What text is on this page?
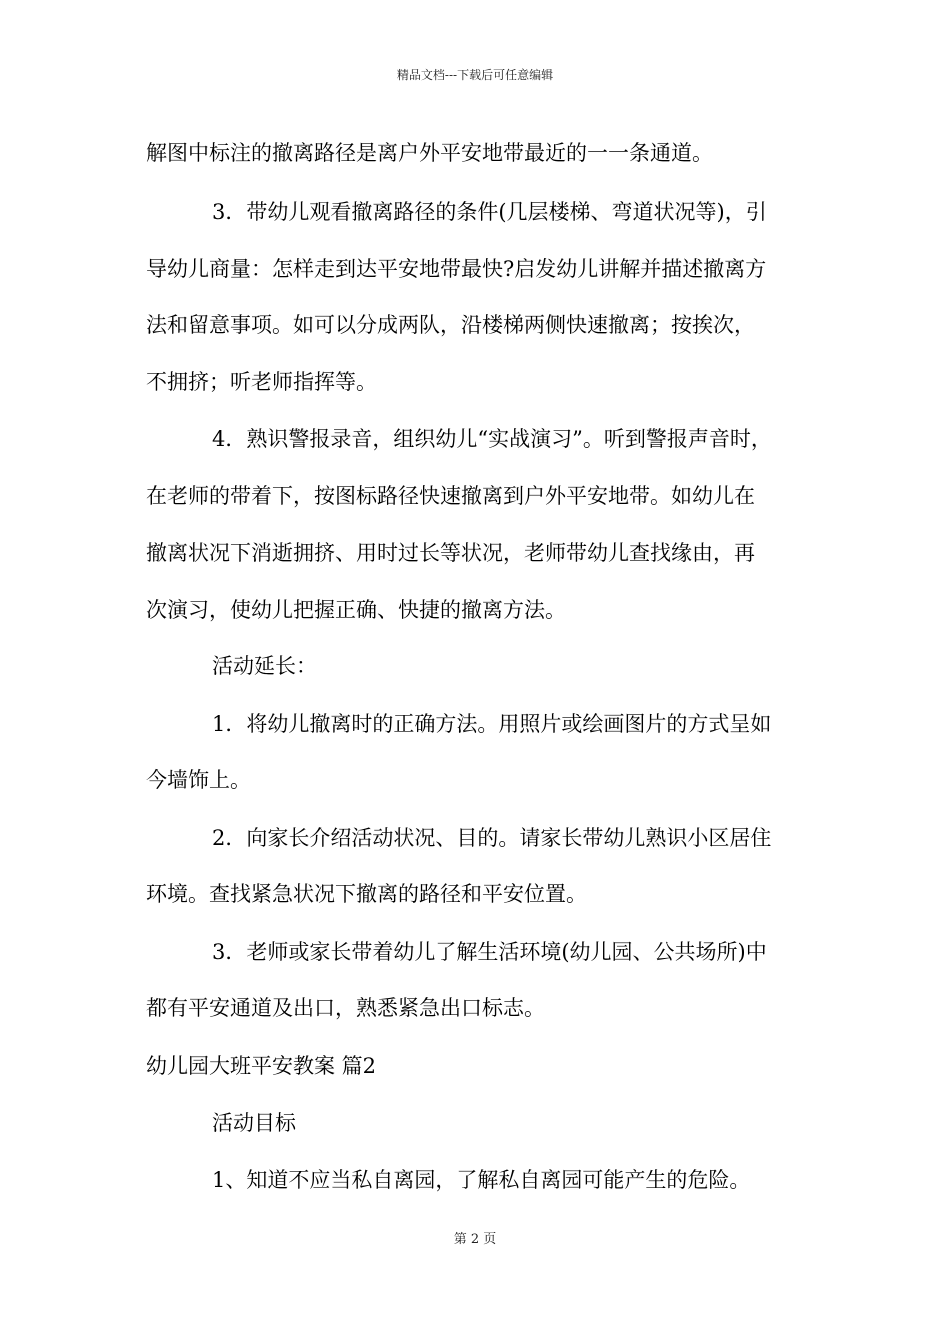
精品文档---下载后可任意编辑
解图中标注的撤离路径是离户外平安地带最近的一一条通道。
3．带幼儿观看撤离路径的条件(几层楼梯、弯道状况等)，引
导幼儿商量：怎样走到达平安地带最快?启发幼儿讲解并描述撤离方
法和留意事项。如可以分成两队，沿楼梯两侧快速撤离；按挨次，
不拥挤；听老师指挥等。
4．熟识警报录音，组织幼儿“实战演习”。听到警报声音时，
在老师的带着下，按图标路径快速撤离到户外平安地带。如幼儿在
撤离状况下消逝拥挤、用时过长等状况，老师带幼儿查找缘由，再
次演习，使幼儿把握正确、快捷的撤离方法。
活动延长：
1．将幼儿撤离时的正确方法。用照片或绘画图片的方式呈如
今墙饰上。
2．向家长介绍活动状况、目的。请家长带幼儿熟识小区居住
环境。查找紧急状况下撤离的路径和平安位置。
3．老师或家长带着幼儿了解生活环境(幼儿园、公共场所)中
都有平安通道及出口，熟悉紧急出口标志。
幼儿园大班平安教案 篇2
活动目标
1、知道不应当私自离园，了解私自离园可能产生的危险。
第 2 页
